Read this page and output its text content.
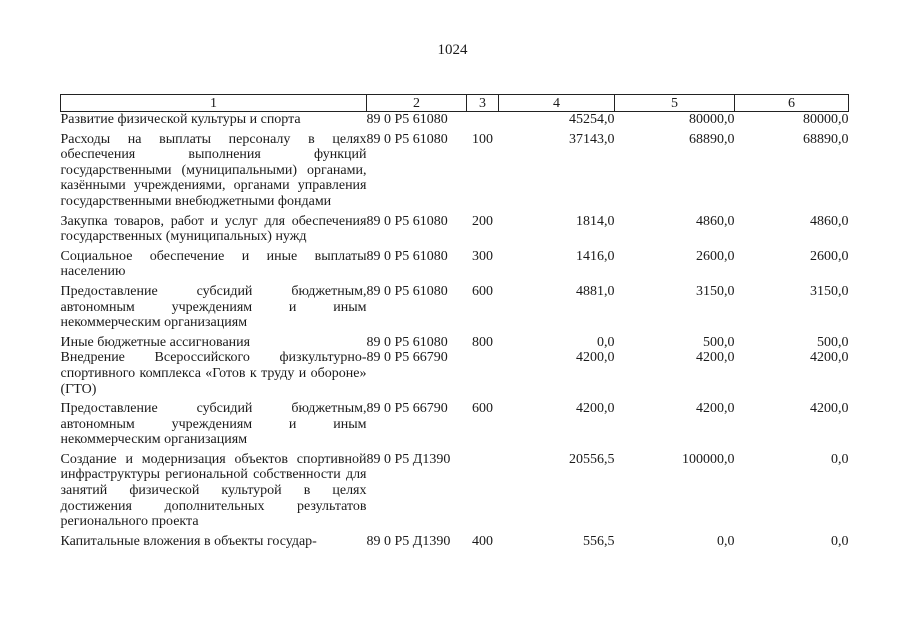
1024
1	2	3	4	5	6
Развитие физической культуры и спорта	89 0 Р5 61080		45254,0	80000,0	80000,0
Расходы на выплаты персоналу в целях обеспечения выполнения функций государственными (муниципальными) органами, казёнными учреждениями, органами управления государственными внебюджетными фондами	89 0 Р5 61080	100	37143,0	68890,0	68890,0
Закупка товаров, работ и услуг для обеспечения государственных (муниципальных) нужд	89 0 Р5 61080	200	1814,0	4860,0	4860,0
Социальное обеспечение и иные выплаты населению	89 0 Р5 61080	300	1416,0	2600,0	2600,0
Предоставление субсидий бюджетным, автономным учреждениям и иным некоммерческим организациям	89 0 Р5 61080	600	4881,0	3150,0	3150,0
Иные бюджетные ассигнования	89 0 Р5 61080	800	0,0	500,0	500,0
Внедрение Всероссийского физкультурно-спортивного комплекса «Готов к труду и обороне» (ГТО)	89 0 Р5 66790		4200,0	4200,0	4200,0
Предоставление субсидий бюджетным, автономным учреждениям и иным некоммерческим организациям	89 0 Р5 66790	600	4200,0	4200,0	4200,0
Создание и модернизация объектов спортивной инфраструктуры региональной собственности для занятий физической культурой в целях достижения дополнительных результатов регионального проекта	89 0 Р5 Д1390		20556,5	100000,0	0,0
Капитальные вложения в объекты государ-	89 0 Р5 Д1390	400	556,5	0,0	0,0
